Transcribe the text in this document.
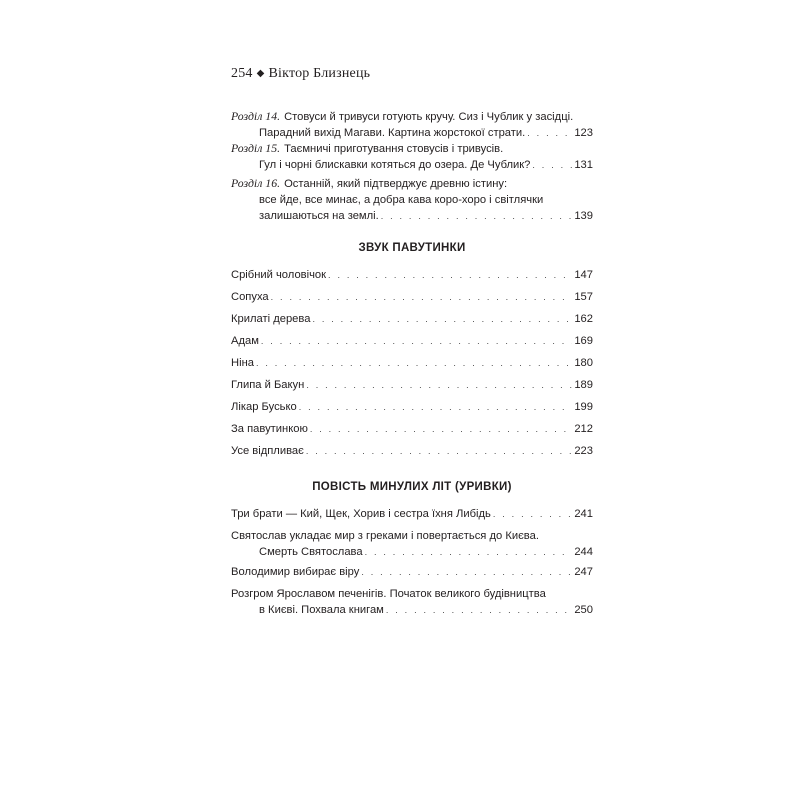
254 ◆ Віктор Близнець
Розділ 14. Стовуси й тривуси готують кручу. Сиз і Чублик у засідці.
Парадний вихід Магави. Картина жорстокої страти. . . .	123
Розділ 15. Таємничі приготування стовусів і тривусів.
Гул і чорні блискавки котяться до озера. Де Чублик? . . .	131
Розділ 16. Останній, який підтверджує древню істину:
все йде, все минає, а добра кава коро-хоро і світлячки
залишаються на землі. . . .	139
ЗВУК ПАВУТИНКИ
Срібний чоловічок . . .	147
Сопуха . . .	157
Крилаті дерева . . .	162
Адам . . .	169
Ніна . . .	180
Глипа й Бакун . . .	189
Лікар Бусько . . .	199
За павутинкою . . .	212
Усе відпливає . . .	223
ПОВІСТЬ МИНУЛИХ ЛІТ (УРИВКИ)
Три брати — Кий, Щек, Хорив і сестра їхня Либідь . . .	241
Святослав укладає мир з греками і повертається до Києва.
Смерть Святослава . . .	244
Володимир вибирає віру . . .	247
Розгром Ярославом печенігів. Початок великого будівництва
в Києві. Похвала книгам . . .	250
